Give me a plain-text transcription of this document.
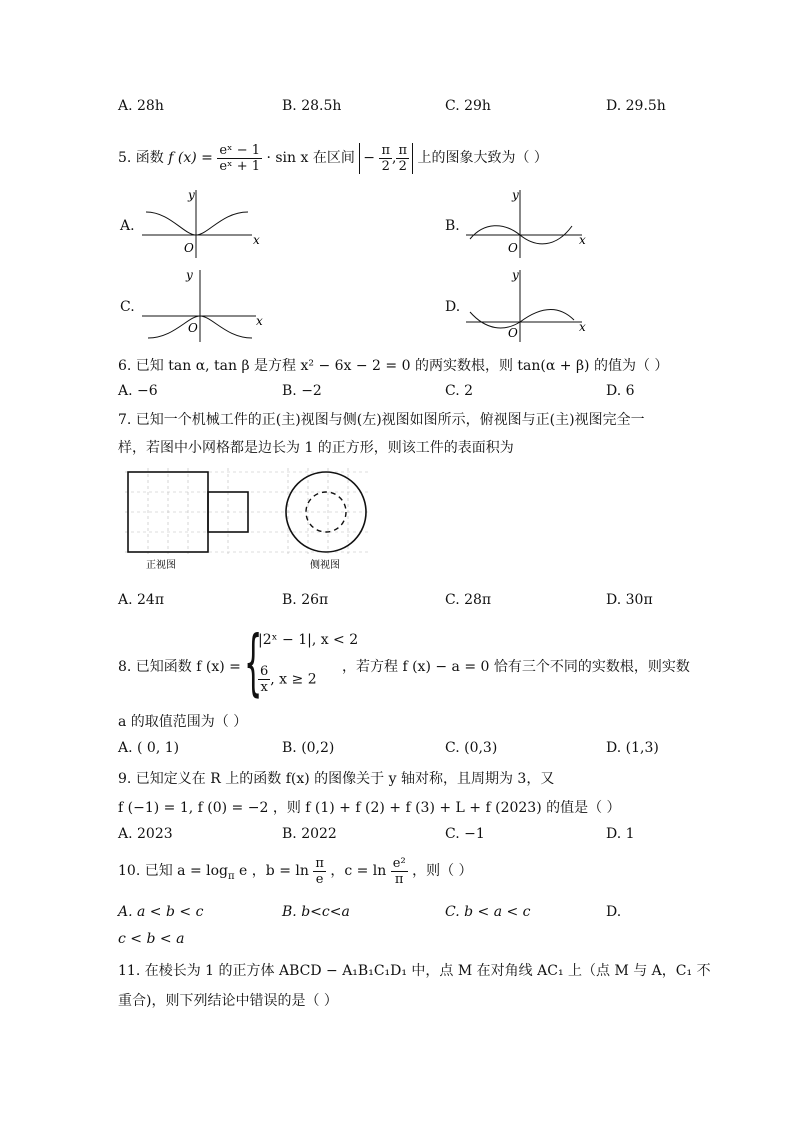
A. 28h	B. 28.5h	C. 29h	D. 29.5h
5. 函数 f $(x) = \frac{\text{eˣ − 1}}{\text{eˣ + 1}} \cdot \sin x$ 在区间 − $\frac{\pi}{2}$ , $\frac{\pi}{2}$ 上的图象大致为（ ）
A.
y
x
O
B.
y
x
O
C.
y
x
O
D.
y
x
O
6. 已知 tan α, tan β 是方程 x² − 6x − 2 = 0 的两实数根，则 tan(α + β) 的值为（ ）
A. −6	B. −2	C. 2	D. 6
7. 已知一个机械工件的正(主)视图与侧(左)视图如图所示，俯视图与正(主)视图完全一
样，若图中小网格都是边长为 1 的正方形，则该工件的表面积为
正视图	侧视图
A. 24π	B. 26π	C. 28π	D. 30π
8. 已知函数 f (x) = {
|2ˣ − 1|, x < 2
$\frac{6}{x}$ , x ≥ 2
，若方程 f (x) − a = 0 恰有三个不同的实数根，则实数
a 的取值范围为（ ）
A. ( 0, 1)	B. (0,2)	C. (0,3)	D. (1,3)
9. 已知定义在 R 上的函数 f(x) 的图像关于 y 轴对称，且周期为 3，又
f (−1) = 1, f (0) = −2 ，则 f (1) + f (2) + f (3) + L + f (2023) 的值是（ ）
A. 2023	B. 2022	C. −1	D. 1
10. 已知 $a = \log_\pi e$ ，$b = \ln \frac{\pi}{e}$ ，$c = \ln \frac{\text{e²}}{\pi}$ ，则（ ）
A. a < b < c	B. b<c<a	C. b < a < c	D.
c < b < a
11. 在棱长为 1 的正方体 ABCD − A₁B₁C₁D₁ 中，点 M 在对角线 AC₁ 上（点 M 与 A，C₁ 不
重合)，则下列结论中错误的是（ ）
